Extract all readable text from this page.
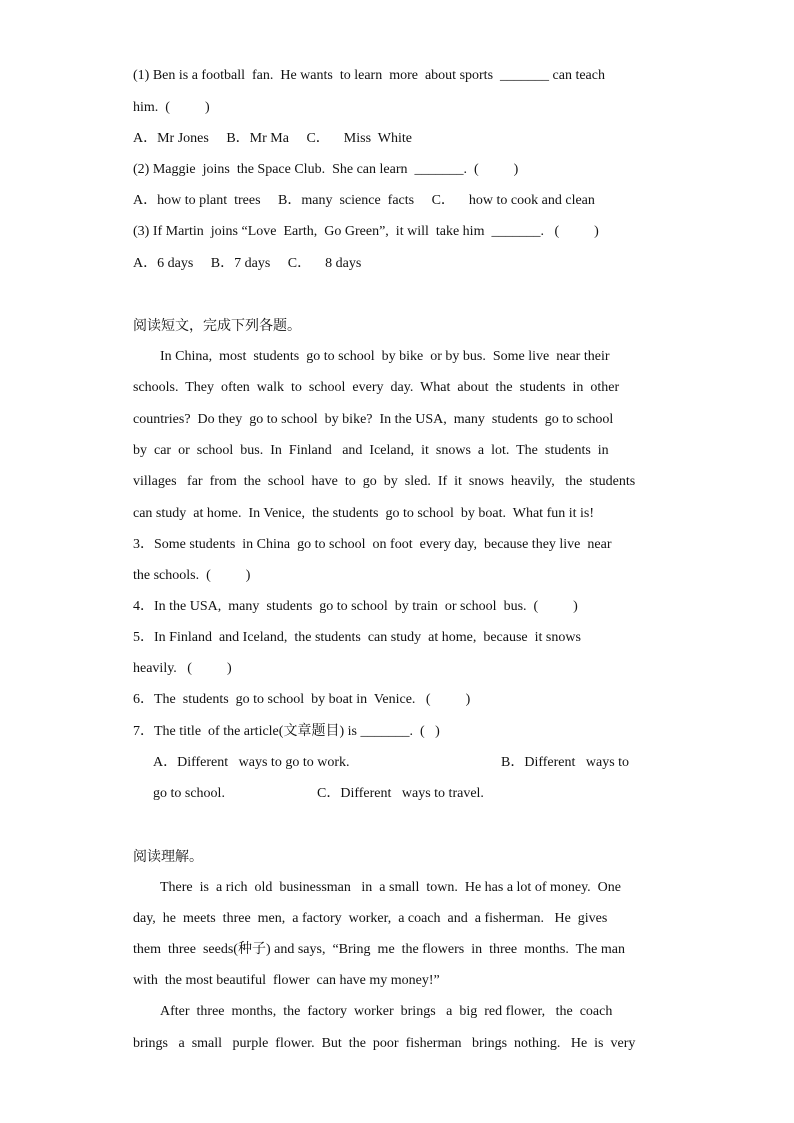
(1) Ben is a football  fan.  He wants  to learn  more  about sports  _______ can teach
him.  (          )
A．Mr Jones     B．Mr Ma     C．    Miss  White
(2) Maggie  joins  the Space Club.  She can learn  _______.  (          )
A．how to plant  trees     B．many  science  facts     C．    how to cook and clean
(3) If Martin  joins “Love  Earth,  Go Green”,  it will  take him  _______.   (          )
A．6 days     B．7 days     C．    8 days
阅读短文，完成下列各题。
In China,  most  students  go to school  by bike  or by bus.  Some live  near their
schools.  They  often  walk  to  school  every  day.  What  about  the  students  in  other
countries?  Do they  go to school  by bike?  In the USA,  many  students  go to school
by  car  or  school  bus.  In  Finland   and  Iceland,  it  snows  a  lot.  The  students  in
villages   far  from  the  school  have  to  go  by  sled.  If  it  snows  heavily,   the  students
can study  at home.  In Venice,  the students  go to school  by boat.  What fun it is!
3．Some students  in China  go to school  on foot  every day,  because they live  near
the schools.  (          )
4．In the USA,  many  students  go to school  by train  or school  bus.  (          )
5．In Finland  and Iceland,  the students  can study  at home,  because  it snows
heavily.   (          )
6．The  students  go to school  by boat in  Venice.   (          )
7．The title  of the article(文章题目) is _______.  (   )
A．Different   ways to go to work.	B．Different   ways to
go to school.	C．Different   ways to travel.
阅读理解。
There  is  a rich  old  businessman   in  a small  town.  He has a lot of money.  One
day,  he  meets  three  men,  a factory  worker,  a coach  and  a fisherman.   He  gives
them  three  seeds(种子) and says,  “Bring  me  the flowers  in  three  months.  The man
with  the most beautiful  flower  can have my money!”
After  three  months,  the  factory  worker  brings   a  big  red flower,   the  coach
brings   a  small   purple  flower.  But  the  poor  fisherman   brings  nothing.   He  is  very
